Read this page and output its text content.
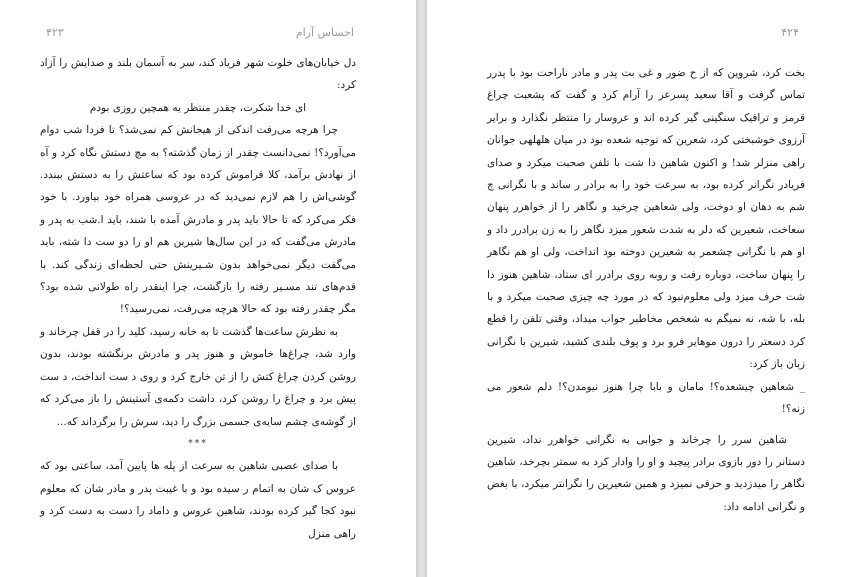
۴۲۳	احساس آرام

دل خیابان‌های خلوت شهر فریاد کند، سر به آسمان بلند و صدایش را آزاد کرد:

ای خدا شکرت، چقدر منتظر یه همچین روزی بودم

چرا هرچه می‌رفت اندکی از هیجانش کم نمی‌شد؟ تا فردا شب دوام می‌آورد؟! نمی‌دانست چقدر از زمان گذشته؟ به مچ دستش نگاه کرد و آه از نهادش برآمد، کلا فراموش کرده بود که ساعتش را به دستش ببندد. گوشی‌اش را هم لازم نمی‌دید که در عروسی همراه خود بیاورد. با خود فکر می‌کرد که تا حالا باید پدر و مادرش آمده با شند، باید ا.شب به پدر و مادرش می‌گفت که در این سال‌ها شیرین هم او را دو ست دا شته، باید می‌گفت دیگر نمی‌خواهد بدون شـیرینش حتی لحظه‌ای زندگی کند. با قدم‌های تند مسـیر رفته را بازگشت، چرا اینقدر راه طولانی شده بود؟ مگر چقدر رفته بود که حالا هرچه می‌رفت، نمی‌رسید؟!

به نظرش ساعت‌ها گذشت تا به خانه رسید، کلید را در قفل چرخاند و وارد شد، چراغ‌ها خاموش و هنوز پدر و مادرش برنگشته بودند، بدون روشن کردن چراغ کتش را از تن خارج کرد و روی د ست انداخت، د ست پیش برد و چراغ را روشن کرد، داشت دکمه‌ی آستینش را باز می‌کرد که از گوشه‌ی چشم سایه‌ی جسمی بزرگ را دید، سرش را برگرداند که...

***

با صدای عصبی شاهین به سرعت از پله ها پایین آمد، ساعتی بود که عروس ک شان به اتمام ر سیده بود و با غیبت پدر و مادر شان که معلوم نبود کجا گیر کرده بودند، شاهین عروس و داماد را دست به دست کرد و راهی منزل

۴۲۴

بخت کرد، شروین که از ح ضور و غی بت پدر و مادر ناراحت بود با پدرر تماس گرفت و آقا سعید پسرعر را آرام کرد و گفت که پشعبت چراغ قرمز و ترافیک سنگینی گیر کرده اند و عروسار را منتظر نگذارد و برایر آرزوی خوشبختی کرد، شعرین که توجیه شعده بود در میان هلهلهی جوانان راهی منزلر شد! و اکنون شاهین دا شت با تلفن صحبت میکرد و صدای فریادر نگرانر کرده بود، به سرعت خود را به برادر ر ساند و با نگرانی چ شم به دهان او دوخت، ولی شعاهین چرخید و نگاهر را از خواهرر پنهان سعاخت، شعیرین که دلر به شدت شعور میزد نگاهر را به زن برادرر داد و او هم با نگرانی چشعمر به شعیرین دوخته بود انداخت، ولی او هم نگاهر را پنهان ساخت، دوباره رفت و روبه روی برادرر ای ستاد، شاهین هنوز دا شت حرف میزد ولی معلوم‌نبود که در مورد چه چیزی صحبت میکرد و با بله، با شه، نه نمیگم به شعخص مخاطبر جواب میداد، وقتی تلفن را قطع کرد دسعتر را درون موهایر فرو برد و پوف بلندی کشید، شیرین با نگرانی زبان باز کرد:

_ شعاهین چیشعده؟! مامان و بابا چرا هنوز نیومدن؟! دلم شعور می زنه؟!

شاهین سرر را چرخاند و جوابی به نگرانی خواهرر نداد، شیرین دستانر را دور بازوی برادر پیچید و او را وادار کرد به سمتر بچرخد، شاهین نگاهر را میدزدید و حرفی نمیزد و همین شعیرین را نگرانتر میکرد، با بغض و نگرانی ادامه داد:
